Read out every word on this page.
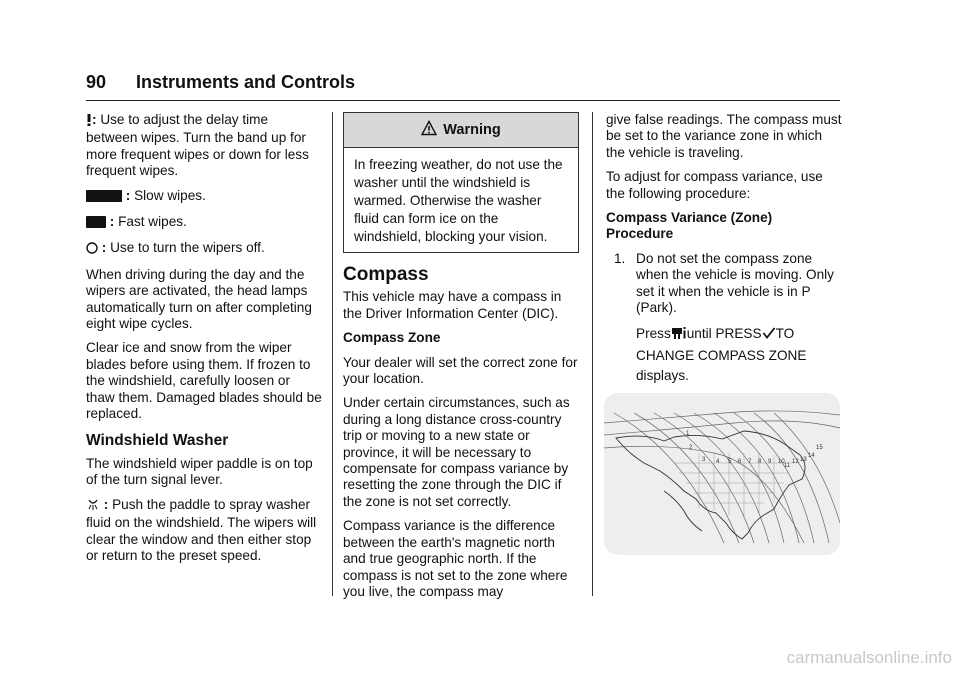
90 Instruments and Controls

: Use to adjust the delay time between wipes. Turn the band up for more frequent wipes or down for less frequent wipes.

: Slow wipes.

: Fast wipes.

: Use to turn the wipers off.

When driving during the day and the wipers are activated, the head lamps automatically turn on after completing eight wipe cycles.

Clear ice and snow from the wiper blades before using them. If frozen to the windshield, carefully loosen or thaw them. Damaged blades should be replaced.

Windshield Washer

The windshield wiper paddle is on top of the turn signal lever.

: Push the paddle to spray washer fluid on the windshield. The wipers will clear the window and then either stop or return to the preset speed.

Warning
In freezing weather, do not use the washer until the windshield is warmed. Otherwise the washer fluid can form ice on the windshield, blocking your vision.
Compass

This vehicle may have a compass in the Driver Information Center (DIC).

Compass Zone

Your dealer will set the correct zone for your location.

Under certain circumstances, such as during a long distance cross-country trip or moving to a new state or province, it will be necessary to compensate for compass variance by resetting the zone through the DIC if the zone is not set correctly.

Compass variance is the difference between the earth's magnetic north and true geographic north. If the compass is not set to the zone where you live, the compass may

give false readings. The compass must be set to the variance zone in which the vehicle is traveling.

To adjust for compass variance, use the following procedure:

Compass Variance (Zone) Procedure

1. Do not set the compass zone when the vehicle is moving. Only set it when the vehicle is in P (Park).

Press until PRESS TO
CHANGE COMPASS ZONE displays.

1
2
3 4 5 6 7 8 9 10
11
12 13
14
15
carmanualsonline.info
